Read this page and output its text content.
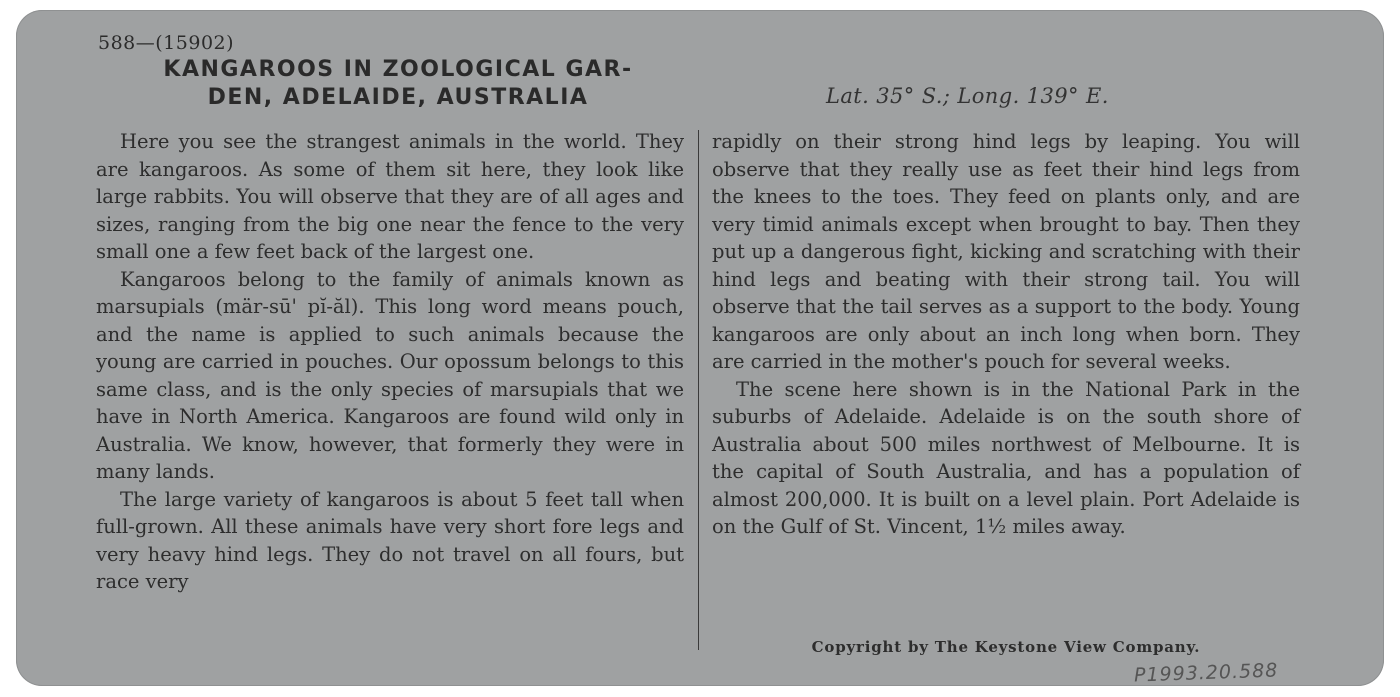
588—(15902)
KANGAROOS IN ZOOLOGICAL GAR-
DEN, ADELAIDE, AUSTRALIA	Lat. 35° S.; Long. 139° E.

Here you see the strangest animals in the world. They are kangaroos. As some of them sit here, they look like large rabbits. You will observe that they are of all ages and sizes, ranging from the big one near the fence to the very small one a few feet back of the largest one.

Kangaroos belong to the family of animals known as marsupials (mär-sū' pĭ-ăl). This long word means pouch, and the name is applied to such animals because the young are carried in pouches. Our opossum belongs to this same class, and is the only species of marsupials that we have in North America. Kangaroos are found wild only in Australia. We know, however, that formerly they were in many lands.

The large variety of kangaroos is about 5 feet tall when full-grown. All these animals have very short fore legs and very heavy hind legs. They do not travel on all fours, but race very

rapidly on their strong hind legs by leaping. You will observe that they really use as feet their hind legs from the knees to the toes. They feed on plants only, and are very timid animals except when brought to bay. Then they put up a dangerous fight, kicking and scratching with their hind legs and beating with their strong tail. You will observe that the tail serves as a support to the body. Young kangaroos are only about an inch long when born. They are carried in the mother's pouch for several weeks.

The scene here shown is in the National Park in the suburbs of Adelaide. Adelaide is on the south shore of Australia about 500 miles northwest of Melbourne. It is the capital of South Australia, and has a population of almost 200,000. It is built on a level plain. Port Adelaide is on the Gulf of St. Vincent, 1½ miles away.

Copyright by The Keystone View Company.
P1993.20.588
